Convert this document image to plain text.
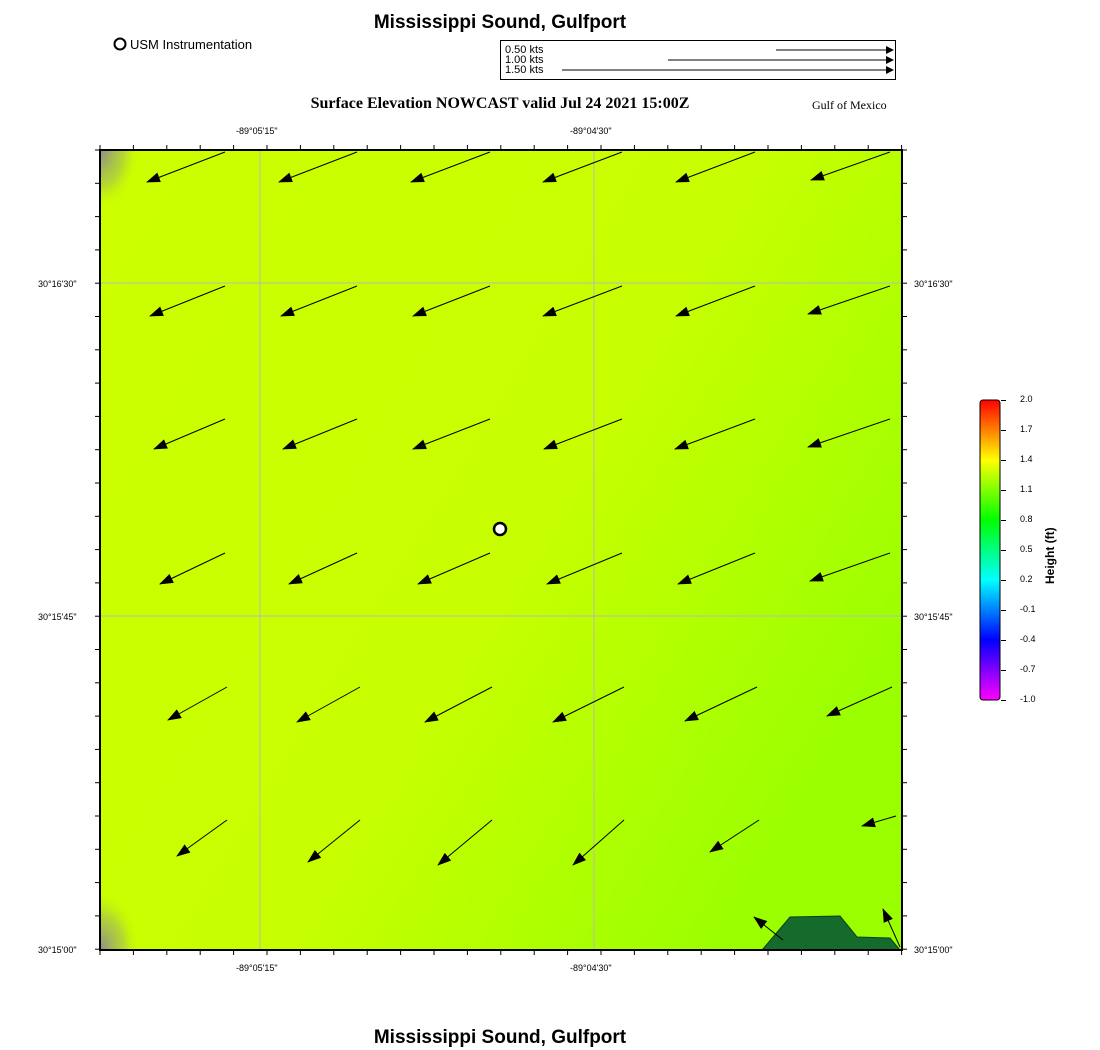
Mississippi Sound, Gulfport
USM Instrumentation	0.50 kts
1.00 kts
1.50 kts
Surface Elevation NOWCAST valid Jul 24 2021 15:00Z	Gulf of Mexico
-89°05'15"	-89°04'30"
-89°05'15"	-89°04'30"
30°16'30"
30°15'45"
30°15'00"
30°16'30"
30°15'45"
30°15'00"
2.0
1.7
1.4
1.1
0.8
0.5
0.2
-0.1
-0.4
-0.7
-1.0
Height (ft)
Mississippi Sound, Gulfport
